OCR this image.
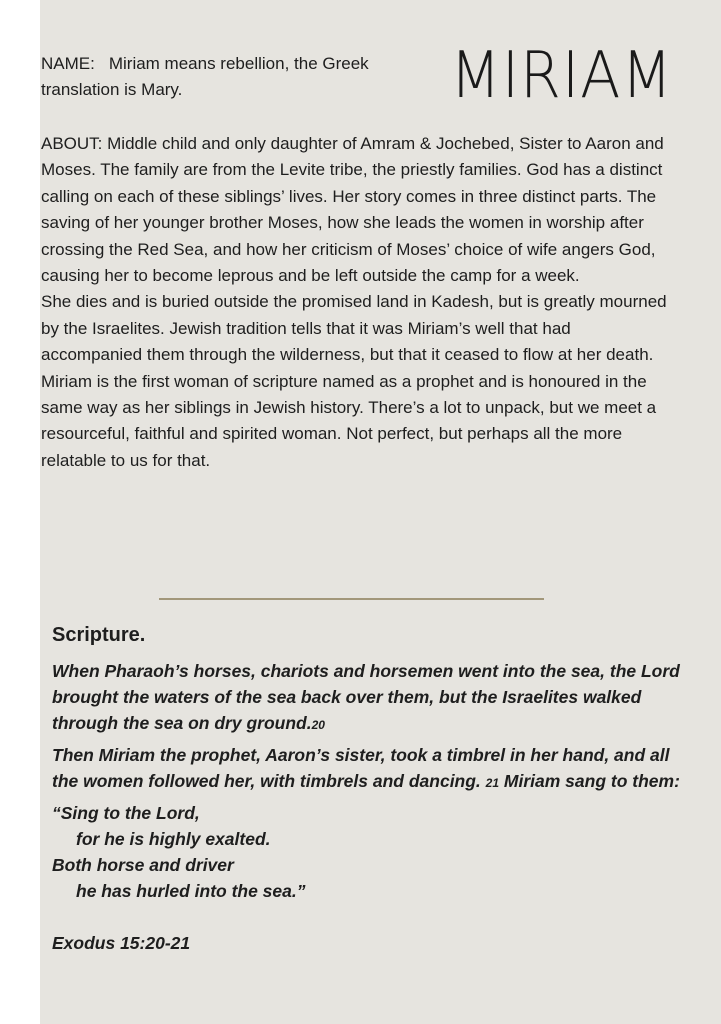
NAME: Miriam means rebellion, the Greek translation is Mary.	MIRIAM

ABOUT: Middle child and only daughter of Amram & Jochebed, Sister to Aaron and Moses. The family are from the Levite tribe, the priestly families. God has a distinct calling on each of these siblings’ lives. Her story comes in three distinct parts. The saving of her younger brother Moses, how she leads the women in worship after crossing the Red Sea, and how her criticism of Moses’ choice of wife angers God, causing her to become leprous and be left outside the camp for a week.

She dies and is buried outside the promised land in Kadesh, but is greatly mourned by the Israelites. Jewish tradition tells that it was Miriam’s well that had accompanied them through the wilderness, but that it ceased to flow at her death. Miriam is the first woman of scripture named as a prophet and is honoured in the same way as her siblings in Jewish history. There’s a lot to unpack, but we meet a resourceful, faithful and spirited woman. Not perfect, but perhaps all the more relatable to us for that.

Scripture.

When Pharaoh’s horses, chariots and horsemen went into the sea, the Lord brought the waters of the sea back over them, but the Israelites walked through the sea on dry ground.20

Then Miriam the prophet, Aaron’s sister, took a timbrel in her hand, and all the women followed her, with timbrels and dancing. 21 Miriam sang to them:

“Sing to the Lord,
for he is highly exalted.
Both horse and driver
he has hurled into the sea.”
Exodus 15:20-21
